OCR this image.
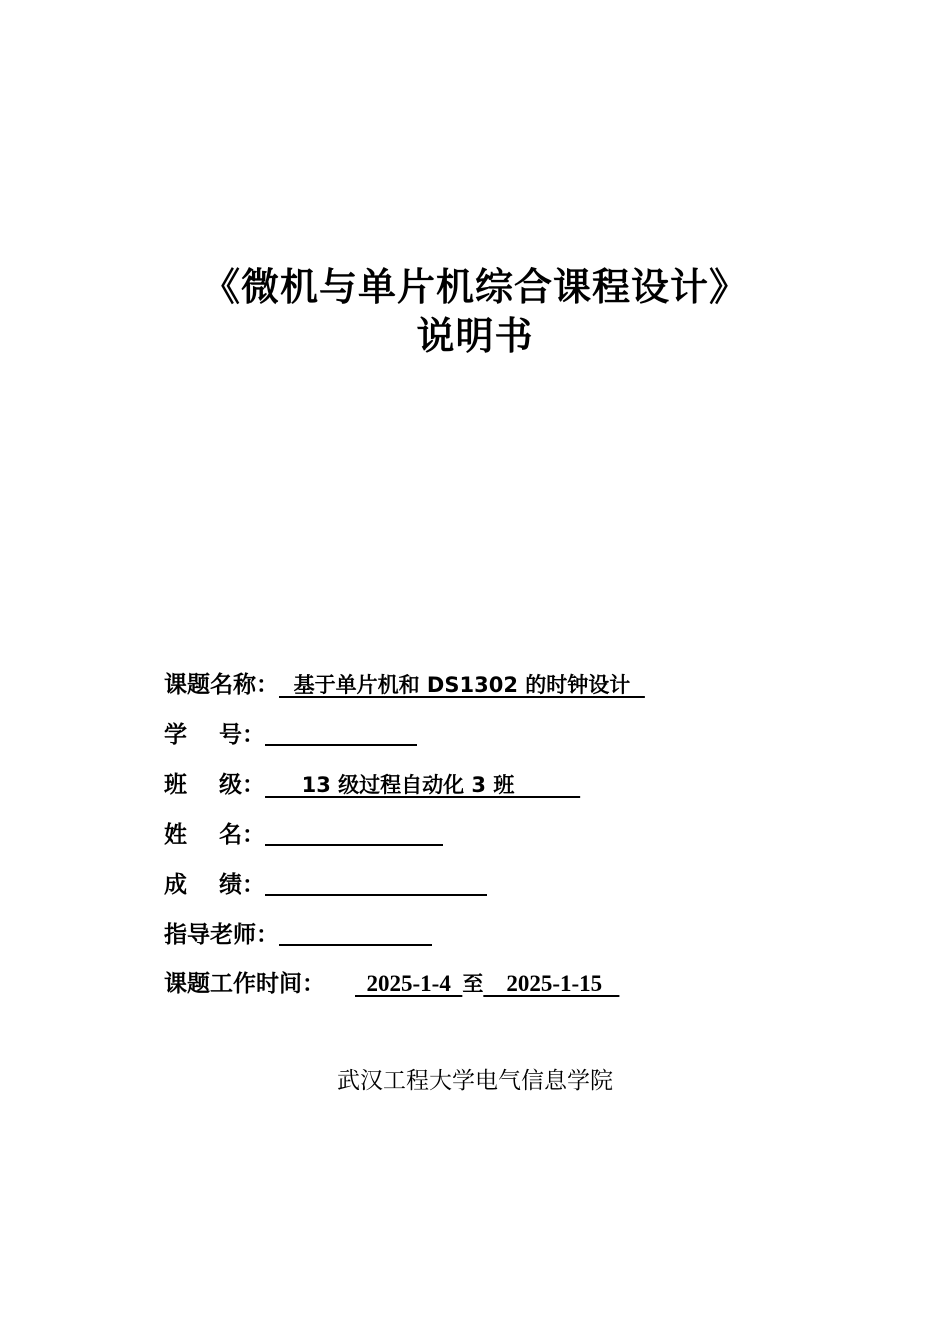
《微机与单片机综合课程设计》
说明书
课题名称： 基于单片机和 DS1302 的时钟设计
学    号：
班    级： 13 级过程自动化 3 班
姓    名：
成    绩：
指导老师：
课题工作时间： 2025-1-4 至 2025-1-15
武汉工程大学电气信息学院
